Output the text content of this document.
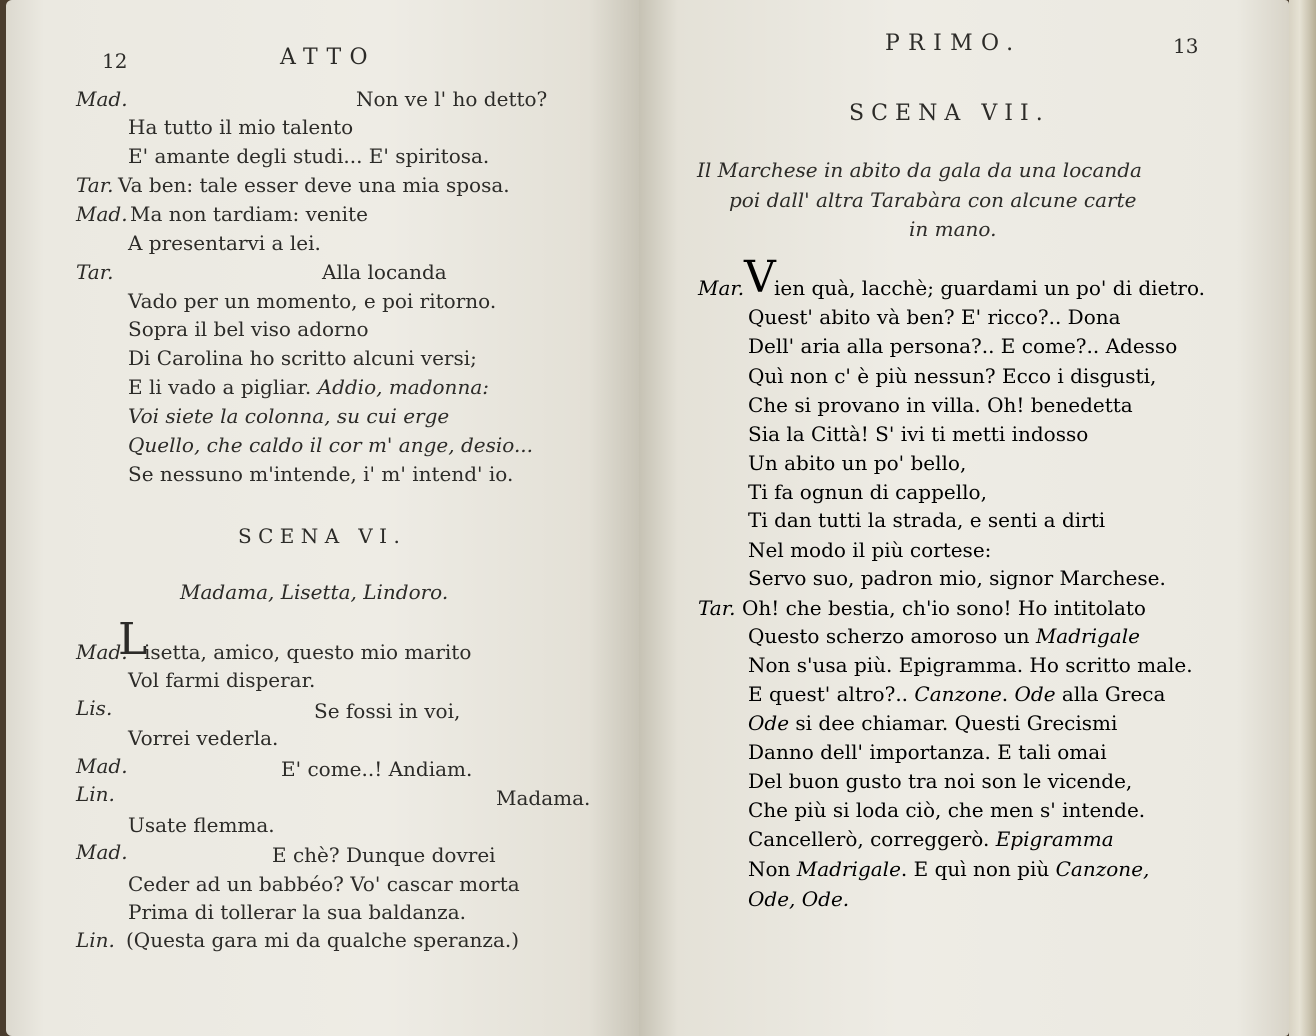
12	ATTO
Mad.	Non ve l' ho detto?
Ha tutto il mio talento
E' amante degli studi... E' spiritosa.
Tar. Va ben: tale esser deve una mia sposa.
Mad. Ma non tardiam: venite
A presentarvi a lei.
Tar.	Alla locanda
Vado per un momento, e poi ritorno.
Sopra il bel viso adorno
Di Carolina ho scritto alcuni versi;
E li vado a pigliar. Addio, madonna:
Voi siete la colonna, su cui erge
Quello, che caldo il cor m' ange, desio...
Se nessuno m'intende, i' m' intend' io.
SCENA VI.
Madama, Lisetta, Lindoro.
Mad.
L
isetta, amico, questo mio marito
Vol farmi disperar.
Lis.	Se fossi in voi,
Vorrei vederla.
Mad.	E' come..! Andiam.
Lin.	Madama.
Usate flemma.
Mad.	E chè? Dunque dovrei
Ceder ad un babbéo? Vo' cascar morta
Prima di tollerar la sua baldanza.
Lin. (Questa gara mi da qualche speranza.)
PRIMO.	13
SCENA VII.
Il Marchese in abito da gala da una locanda
poi dall' altra Tarabàra con alcune carte
in mano.
Mar. V
ien quà, lacchè; guardami un po' di dietro.
Quest' abito và ben? E' ricco?.. Dona
Dell' aria alla persona?.. E come?.. Adesso
Quì non c' è più nessun? Ecco i disgusti,
Che si provano in villa. Oh! benedetta
Sia la Città! S' ivi ti metti indosso
Un abito un po' bello,
Ti fa ognun di cappello,
Ti dan tutti la strada, e senti a dirti
Nel modo il più cortese:
Servo suo, padron mio, signor Marchese.
Tar. Oh! che bestia, ch'io sono! Ho intitolato
Questo scherzo amoroso un Madrigale
Non s'usa più. Epigramma. Ho scritto male.
E quest' altro?.. Canzone. Ode alla Greca
Ode si dee chiamar. Questi Grecismi
Danno dell' importanza. E tali omai
Del buon gusto tra noi son le vicende,
Che più si loda ciò, che men s' intende.
Cancellerò, correggerò. Epigramma
Non Madrigale. E quì non più Canzone,
Ode, Ode.
